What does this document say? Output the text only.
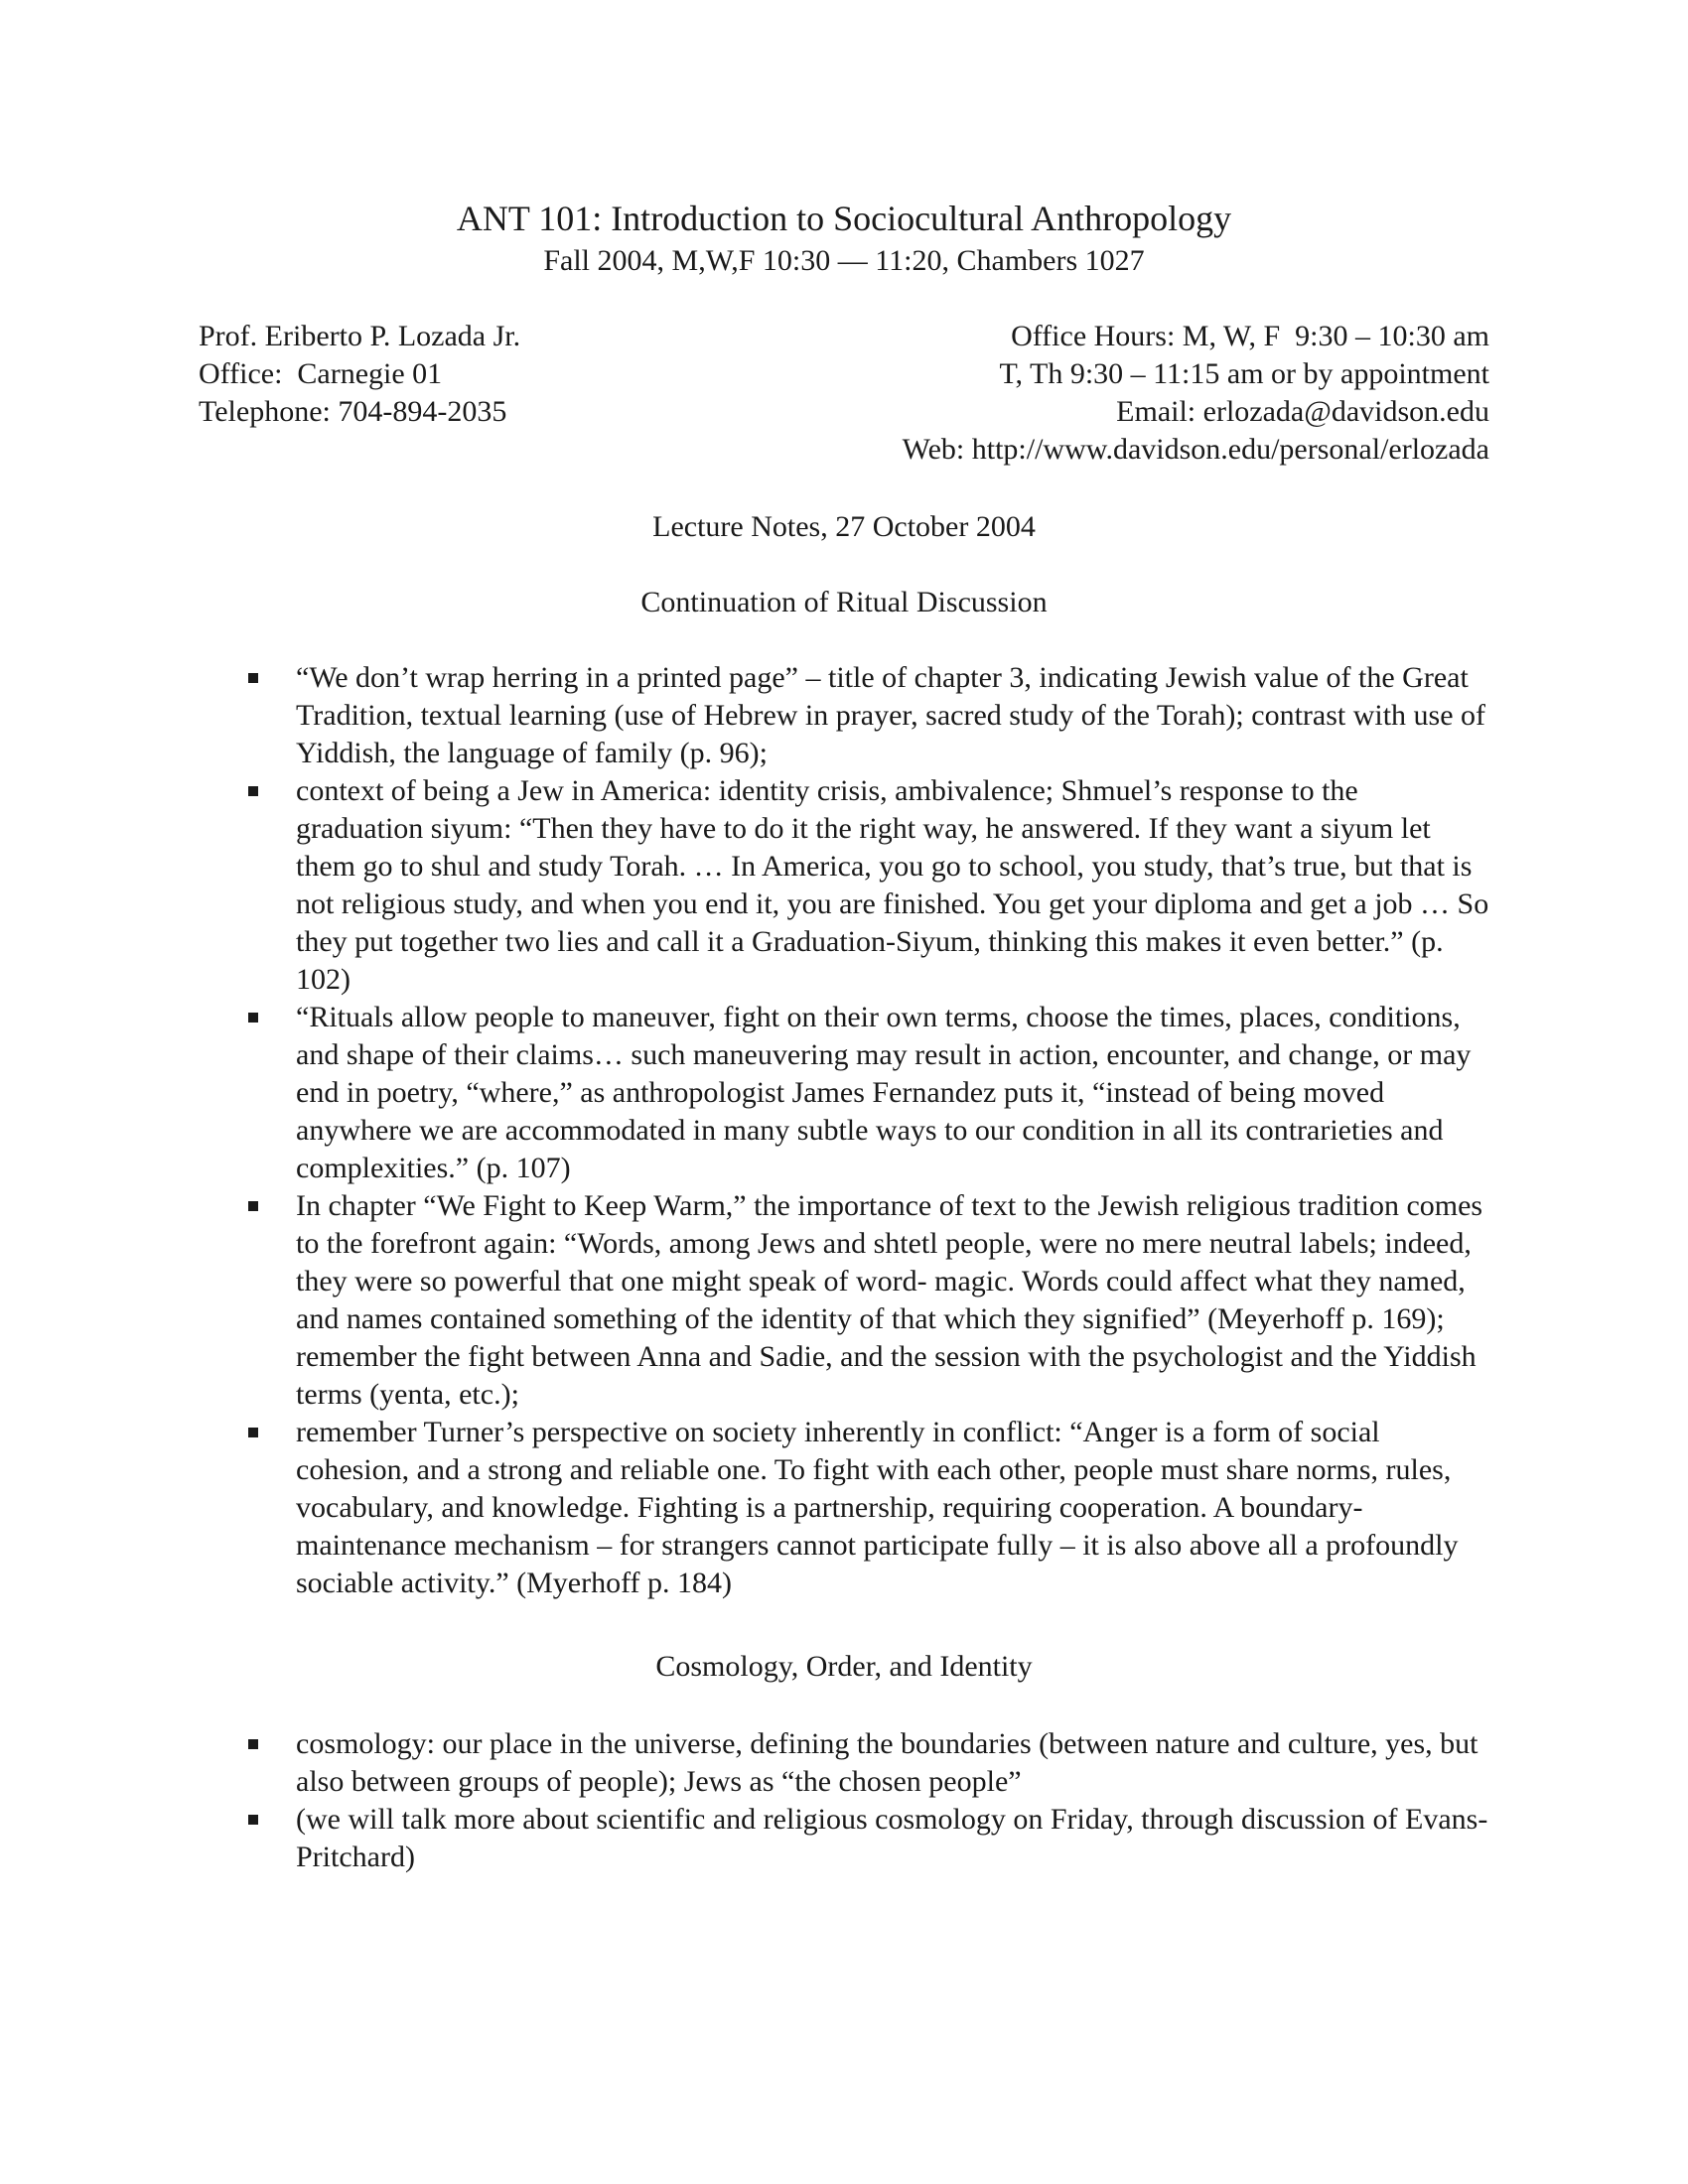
ANT 101: Introduction to Sociocultural Anthropology
Fall 2004, M,W,F 10:30 — 11:20, Chambers 1027
Prof. Eriberto P. Lozada Jr.
Office:  Carnegie 01
Telephone: 704-894-2035
Office Hours: M, W, F  9:30 – 10:30 am
T, Th 9:30 – 11:15 am or by appointment
Email: erlozada@davidson.edu
Web: http://www.davidson.edu/personal/erlozada
Lecture Notes, 27 October 2004
Continuation of Ritual Discussion
“We don’t wrap herring in a printed page” – title of chapter 3, indicating Jewish value of the Great Tradition, textual learning (use of Hebrew in prayer, sacred study of the Torah); contrast with use of Yiddish, the language of family (p. 96);
context of being a Jew in America: identity crisis, ambivalence; Shmuel’s response to the graduation siyum: “Then they have to do it the right way, he answered. If they want a siyum let them go to shul and study Torah. … In America, you go to school, you study, that’s true, but that is not religious study, and when you end it, you are finished. You get your diploma and get a job … So they put together two lies and call it a Graduation-Siyum, thinking this makes it even better.” (p. 102)
“Rituals allow people to maneuver, fight on their own terms, choose the times, places, conditions, and shape of their claims… such maneuvering may result in action, encounter, and change, or may end in poetry, “where,” as anthropologist James Fernandez puts it, “instead of being moved anywhere we are accommodated in many subtle ways to our condition in all its contrarieties and complexities.” (p. 107)
In chapter “We Fight to Keep Warm,” the importance of text to the Jewish religious tradition comes to the forefront again: “Words, among Jews and shtetl people, were no mere neutral labels; indeed, they were so powerful that one might speak of word- magic. Words could affect what they named, and names contained something of the identity of that which they signified” (Meyerhoff p. 169); remember the fight between Anna and Sadie, and the session with the psychologist and the Yiddish terms (yenta, etc.);
remember Turner’s perspective on society inherently in conflict: “Anger is a form of social cohesion, and a strong and reliable one. To fight with each other, people must share norms, rules, vocabulary, and knowledge. Fighting is a partnership, requiring cooperation. A boundary-maintenance mechanism – for strangers cannot participate fully – it is also above all a profoundly sociable activity.” (Myerhoff p. 184)
Cosmology, Order, and Identity
cosmology: our place in the universe, defining the boundaries (between nature and culture, yes, but also between groups of people); Jews as “the chosen people”
(we will talk more about scientific and religious cosmology on Friday, through discussion of Evans-Pritchard)
